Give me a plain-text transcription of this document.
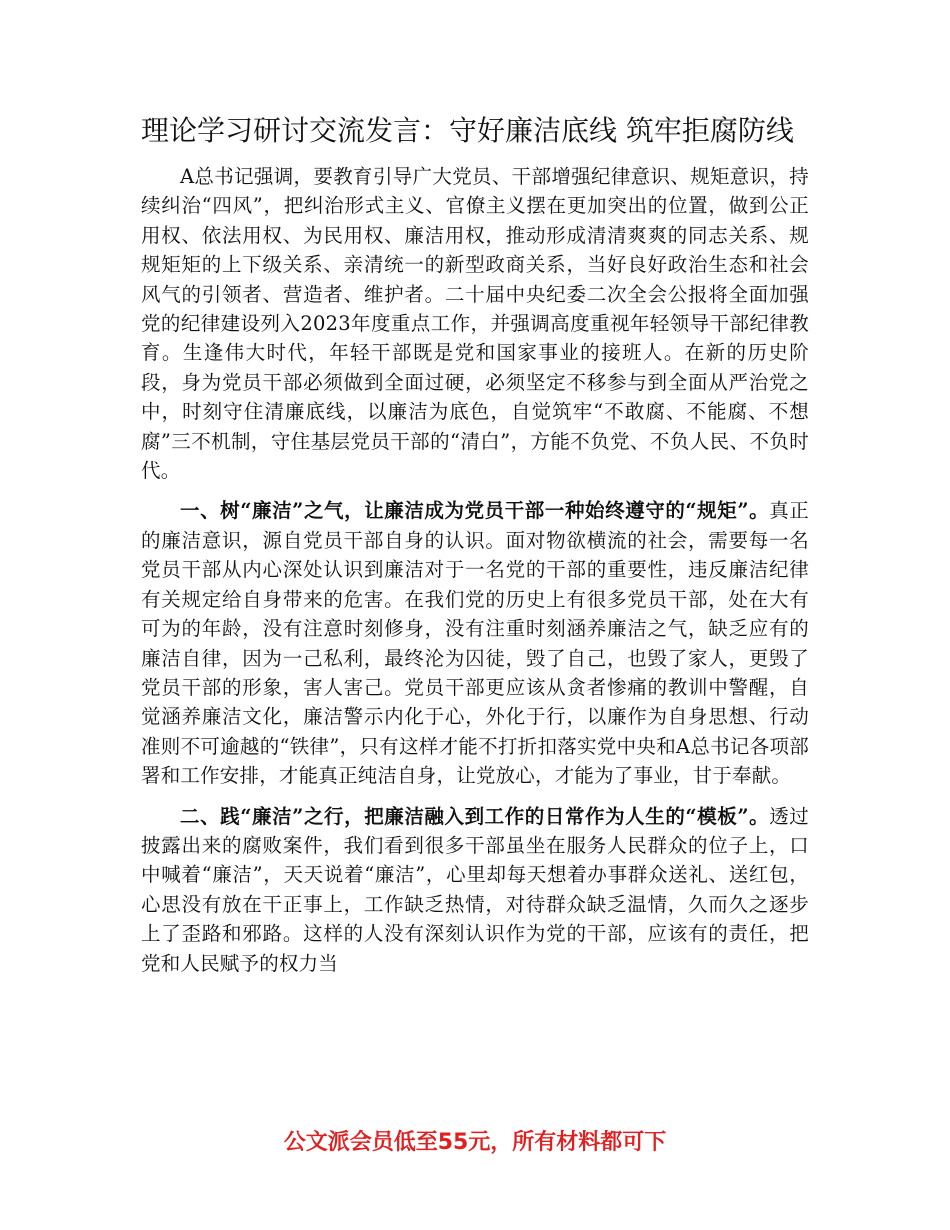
理论学习研讨交流发言：守好廉洁底线 筑牢拒腐防线

A总书记强调，要教育引导广大党员、干部增强纪律意识、规矩意识，持续纠治“四风”，把纠治形式主义、官僚主义摆在更加突出的位置，做到公正用权、依法用权、为民用权、廉洁用权，推动形成清清爽爽的同志关系、规规矩矩的上下级关系、亲清统一的新型政商关系，当好良好政治生态和社会风气的引领者、营造者、维护者。二十届中央纪委二次全会公报将全面加强党的纪律建设列入2023年度重点工作，并强调高度重视年轻领导干部纪律教育。生逢伟大时代，年轻干部既是党和国家事业的接班人。在新的历史阶段，身为党员干部必须做到全面过硬，必须坚定不移参与到全面从严治党之中，时刻守住清廉底线，以廉洁为底色，自觉筑牢“不敢腐、不能腐、不想腐”三不机制，守住基层党员干部的“清白”，方能不负党、不负人民、不负时代。

一、树“廉洁”之气，让廉洁成为党员干部一种始终遵守的“规矩”。真正的廉洁意识，源自党员干部自身的认识。面对物欲横流的社会，需要每一名党员干部从内心深处认识到廉洁对于一名党的干部的重要性，违反廉洁纪律有关规定给自身带来的危害。在我们党的历史上有很多党员干部，处在大有可为的年龄，没有注意时刻修身，没有注重时刻涵养廉洁之气，缺乏应有的廉洁自律，因为一己私利，最终沦为囚徒，毁了自己，也毁了家人，更毁了党员干部的形象，害人害己。党员干部更应该从贪者惨痛的教训中警醒，自觉涵养廉洁文化，廉洁警示内化于心，外化于行，以廉作为自身思想、行动准则不可逾越的“铁律”，只有这样才能不打折扣落实党中央和A总书记各项部署和工作安排，才能真正纯洁自身，让党放心，才能为了事业，甘于奉献。

二、践“廉洁”之行，把廉洁融入到工作的日常作为人生的“模板”。透过披露出来的腐败案件，我们看到很多干部虽坐在服务人民群众的位子上，口中喊着“廉洁”，天天说着“廉洁”，心里却每天想着办事群众送礼、送红包，心思没有放在干正事上，工作缺乏热情，对待群众缺乏温情，久而久之逐步上了歪路和邪路。这样的人没有深刻认识作为党的干部，应该有的责任，把党和人民赋予的权力当

公文派会员低至55元，所有材料都可下
